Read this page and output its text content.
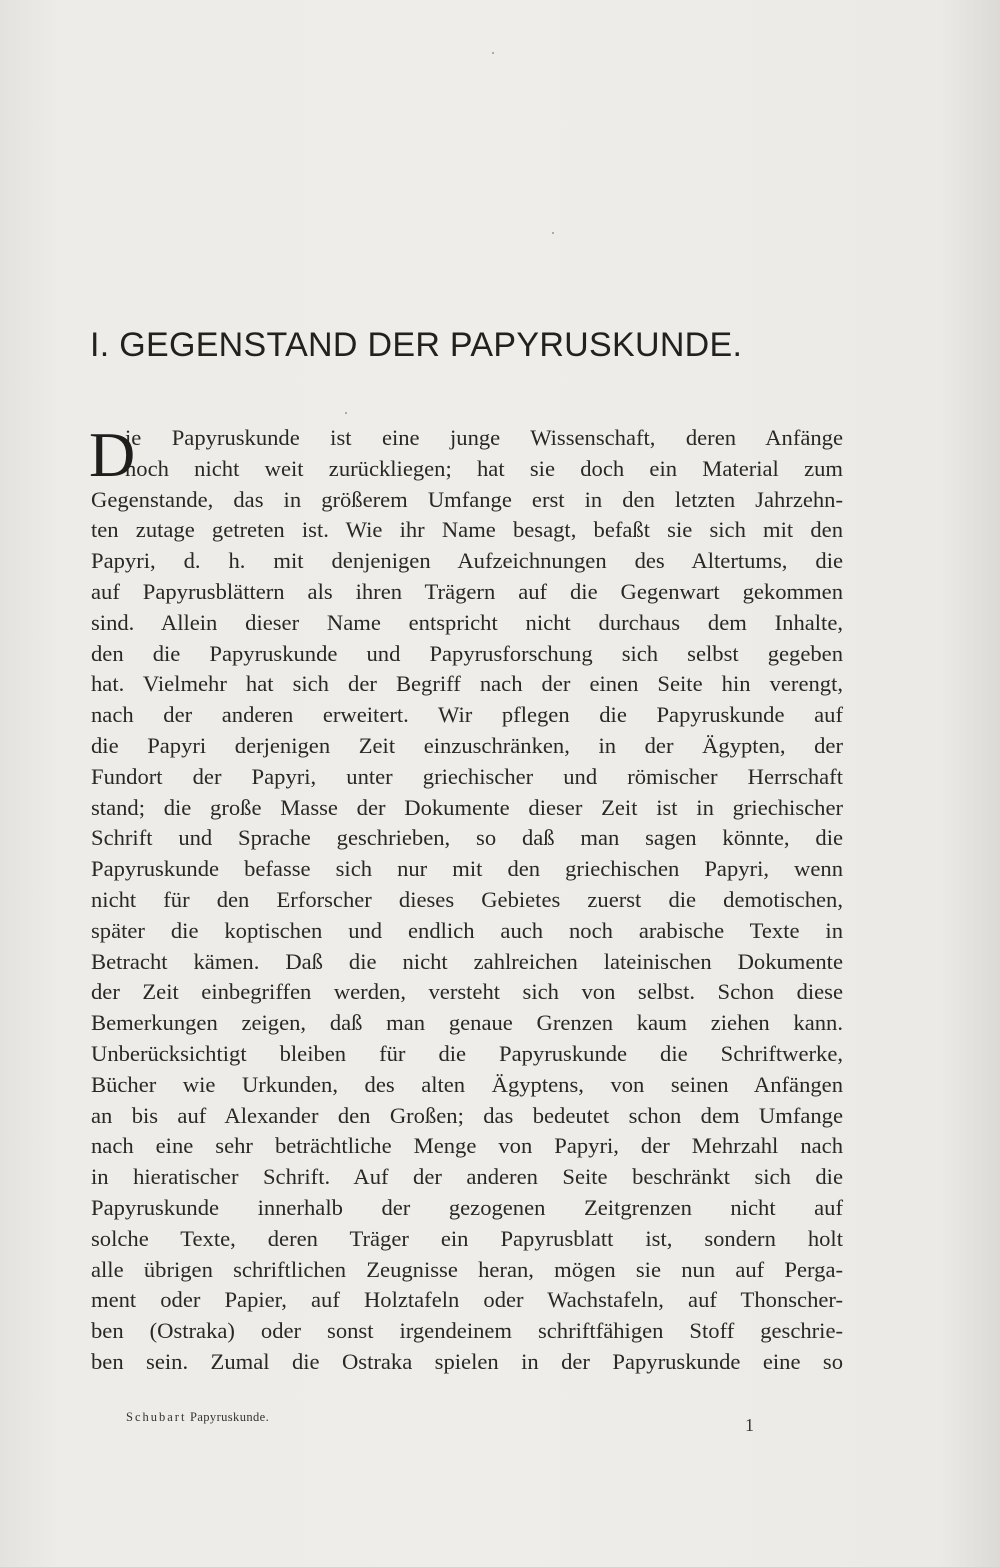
I. GEGENSTAND DER PAPYRUSKUNDE.
D
ie Papyruskunde ist eine junge Wissenschaft, deren Anfänge
noch nicht weit zurückliegen; hat sie doch ein Material zum
Gegenstande, das in größerem Umfange erst in den letzten Jahrzehn-
ten zutage getreten ist. Wie ihr Name besagt, befaßt sie sich mit den
Papyri, d. h. mit denjenigen Aufzeichnungen des Altertums, die
auf Papyrusblättern als ihren Trägern auf die Gegenwart gekommen
sind. Allein dieser Name entspricht nicht durchaus dem Inhalte,
den die Papyruskunde und Papyrusforschung sich selbst gegeben
hat. Vielmehr hat sich der Begriff nach der einen Seite hin verengt,
nach der anderen erweitert. Wir pflegen die Papyruskunde auf
die Papyri derjenigen Zeit einzuschränken, in der Ägypten, der
Fundort der Papyri, unter griechischer und römischer Herrschaft
stand; die große Masse der Dokumente dieser Zeit ist in griechischer
Schrift und Sprache geschrieben, so daß man sagen könnte, die
Papyruskunde befasse sich nur mit den griechischen Papyri, wenn
nicht für den Erforscher dieses Gebietes zuerst die demotischen,
später die koptischen und endlich auch noch arabische Texte in
Betracht kämen. Daß die nicht zahlreichen lateinischen Dokumente
der Zeit einbegriffen werden, versteht sich von selbst. Schon diese
Bemerkungen zeigen, daß man genaue Grenzen kaum ziehen kann.
Unberücksichtigt bleiben für die Papyruskunde die Schriftwerke,
Bücher wie Urkunden, des alten Ägyptens, von seinen Anfängen
an bis auf Alexander den Großen; das bedeutet schon dem Umfange
nach eine sehr beträchtliche Menge von Papyri, der Mehrzahl nach
in hieratischer Schrift. Auf der anderen Seite beschränkt sich die
Papyruskunde innerhalb der gezogenen Zeitgrenzen nicht auf
solche Texte, deren Träger ein Papyrusblatt ist, sondern holt
alle übrigen schriftlichen Zeugnisse heran, mögen sie nun auf Perga-
ment oder Papier, auf Holztafeln oder Wachstafeln, auf Thonscher-
ben (Ostraka) oder sonst irgendeinem schriftfähigen Stoff geschrie-
ben sein. Zumal die Ostraka spielen in der Papyruskunde eine so
Schubart Papyruskunde.	1
